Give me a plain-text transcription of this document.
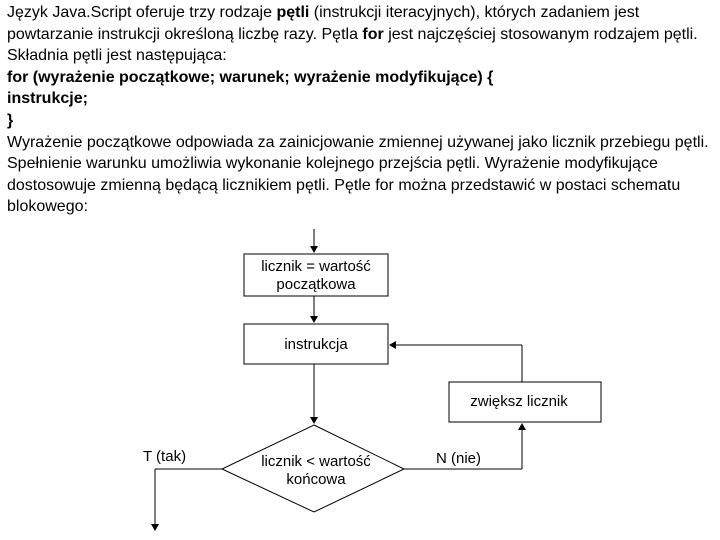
Język Java.Script oferuje trzy rodzaje pętli (instrukcji iteracyjnych), których zadaniem jest powtarzanie instrukcji określoną liczbę razy. Pętla for jest najczęściej stosowanym rodzajem pętli. Składnia pętli jest następująca:

for (wyrażenie początkowe; warunek; wyrażenie modyfikujące) {

instrukcje;

}

Wyrażenie początkowe odpowiada za zainicjowanie zmiennej używanej jako licznik przebiegu pętli. Spełnienie warunku umożliwia wykonanie kolejnego przejścia pętli. Wyrażenie modyfikujące dostosowuje zmienną będącą licznikiem pętli. Pętle for można przedstawić w postaci schematu blokowego:

licznik = wartość
początkowa
instrukcja
zwiększ licznik
licznik < wartość
końcowa
N (nie)
T (tak)
